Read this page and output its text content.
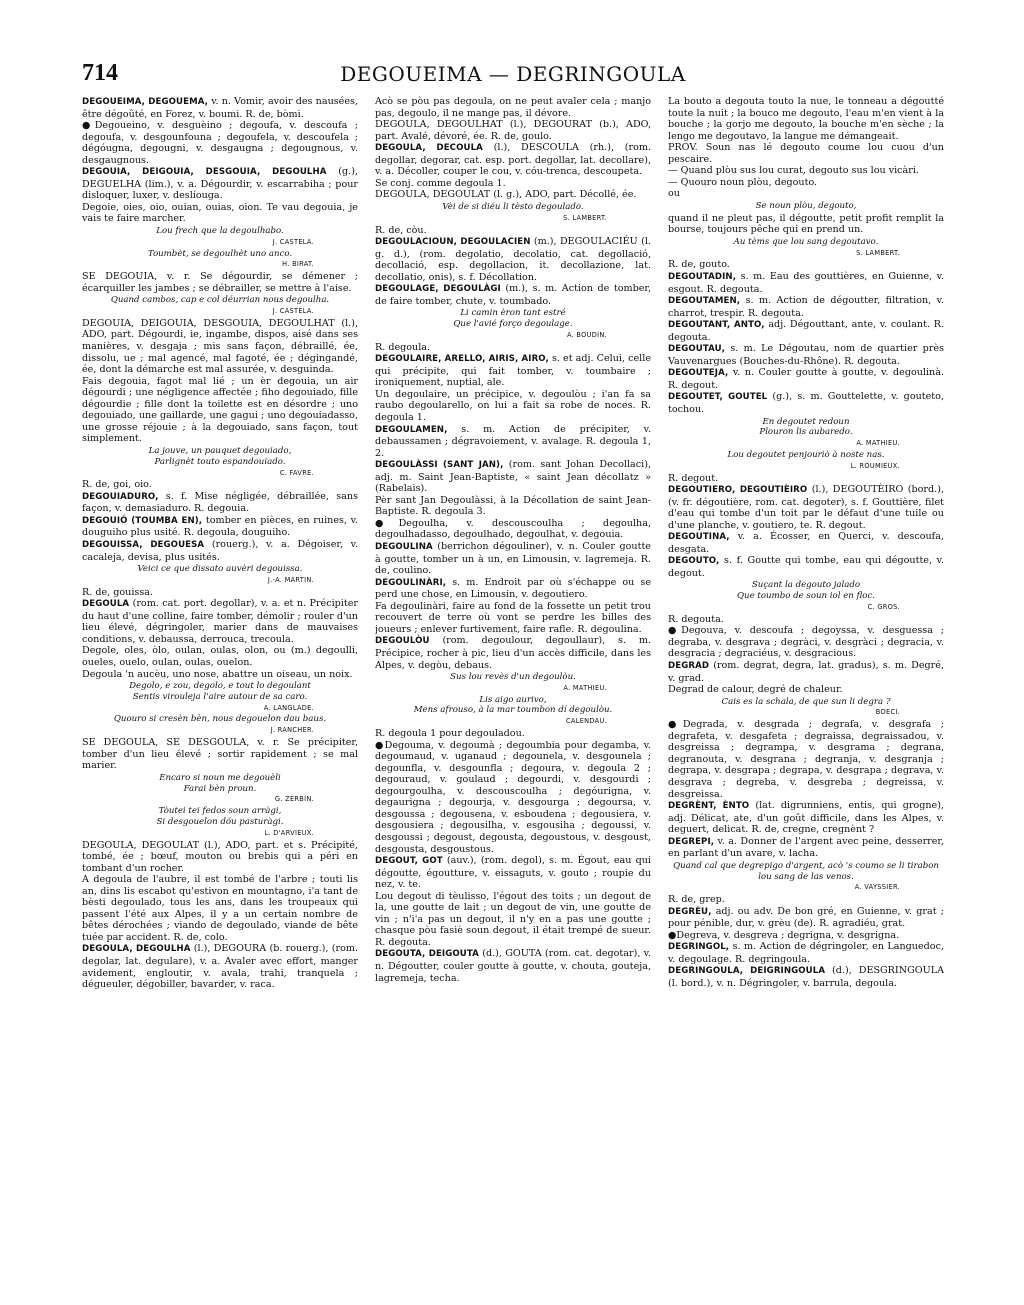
714	DEGOUEIMA — DEGRINGOULA

DEGOUEIMA, DEGOUEMA, v. n. Vomir, avoir des nausées, être dégoûté, en Forez, v. boumi. R. de, bòmi.

●Degoueino, v. desguèino ; degoufa, v. descoufa ; degoufa, v. desgounfouna ; degoufela, v. descoufela ; dégóugna, degougni, v. desgaugna ; degougnous, v. desgaugnous.

DEGOUIA, DEIGOUIA, DESGOUIA, DEGOULHA (g.), DEGUELHA (lim.), v. a. Dégourdir, v. escarrabiha ; pour disloquer, luxer, v. deslíouga.

Degoie, oies, oio, ouian, ouias, oion. Te vau degouia, je vais te faire marcher.

Lou frech que la degoulhabo.
J. CASTELA.
Toumbèt, se degoulhèt uno anco.
H. BIRAT.

SE DEGOUIA, v. r. Se dégourdir, se démener ; écarquiller les jambes ; se débrailler, se mettre à l'aise.

Quand cambos, cap e col déurrian nous degoulha.
J. CASTELA.

DEGOUIA, DEIGOUIA, DESGOUIA, DEGOULHAT (l.), ADO, part. Dégourdi, ie, ingambe, dispos, aisé dans ses manières, v. desgaja ; mis sans façon, débraillé, ée, dissolu, ue ; mal agencé, mal fagoté, ée ; dégingandé, ée, dont la démarche est mal assurée, v. desguinda.

Fais degouia, fagot mal lié ; un èr degouia, un air dégourdi ; une négligence affectée ; fiho degouiado, fille dégourdie ; fille dont la toilette est en désordre ; uno degouiado, une gaillarde, une gagui ; uno degouiadasso, une grosse réjouie ; à la degouiado, sans façon, tout simplement.

La jouve, un pauquet degouiado,
Parlignèt touto espandouiado.
C. FAVRE.

R. de, goi, oio.

DEGOUIADURO, s. f. Mise négligée, débraillée, sans façon, v. demasiaduro. R. degouia.

DEGOUIÓ (TOUMBA EN), tomber en pièces, en ruines, v. douguiho plus usité. R. degoula, douguiho.

DEGOUISSA, DEGOUESA (rouerg.), v. a. Dégoiser, v. cacaleja, devisa, plus usités.

Veici ce que dissato auvèri degouissa.
J.-A. MARTIN.

R. de, gouissa.

DEGOULA (rom. cat. port. degollar), v. a. et n. Précipiter du haut d'une colline, faire tomber, démolir ; rouler d'un lieu élevé, dégringoler, marier dans de mauvaises conditions, v. debaussa, derrouca, trecoula.

Degole, oles, òlo, oulan, oulas, olon, ou (m.) degoulli, oueles, ouelo, oulan, oulas, ouelon.

Degoula 'n aucèu, uno nose, abattre un oiseau, un noix.

Degolo, e zou, degolo, e tout lo degoulant
Sentis virouleja l'aire autour de sa caro.
A. LANGLADE.
Quouro si cresèn bèn, nous degouelon dau baus.
J. RANCHER.

SE DEGOULA, SE DESGOULA, v. r. Se précipiter, tomber d'un lieu élevé ; sortir rapidement ; se mal marier.

Encaro si noun me degouèli
Farai bèn proun.
G. ZERBIN.
Tòutei tei fedos soun arràgi,
Si desgouelon dóu pasturàgi.
L. D'ARVIEUX.

DEGOULA, DEGOULAT (l.), ADO, part. et s. Précipité, tombé, ée ; bœuf, mouton ou brebis qui a péri en tombant d'un rocher.

A degoula de l'aubre, il est tombé de l'arbre ; touti lis an, dins lis escabot qu'estivon en mountagno, i'a tant de bèsti degoulado, tous les ans, dans les troupeaux qui passent l'été aux Alpes, il y a un certain nombre de bêtes dérochées ; viando de degoulado, viande de bête tuée par accident. R. de, colo.

DEGOULA, DEGOULHA (l.), DEGOURA (b. rouerg.), (rom. degolar, lat. degulare), v. a. Avaler avec effort, manger avidement, engloutir, v. avala, trahi, tranquela ; dégueuler, dégobiller, bavarder, v. raca.

Acò se pòu pas degoula, on ne peut avaler cela ; manjo pas, degoulo, il ne mange pas, il dévore.

DEGOULA, DEGOULHAT (l.), DEGOURAT (b.), ADO, part. Avalé, dévoré, ée. R. de, goulo.

DEGOULA, DECOULA (l.), DESCOULA (rh.), (rom. degollar, degorar, cat. esp. port. degollar, lat. decollare), v. a. Décoller, couper le cou, v. cóu-trenca, descoupeta.

Se conj. comme degoula 1.

DEGOULA, DEGOULAT (l. g.), ADO, part. Décollé, ée.

Vèi de si diéu li tèsto degoulado.
S. LAMBERT.

R. de, còu.

DEGOULACIOUN, DEGOULACIEN (m.), DEGOULACIÉU (l. g. d.), (rom. degolatio, decolatio, cat. degollació, decollació, esp. degollacion, it. decollazione, lat. decollatio, onis), s. f. Décollation.

DEGOULAGE, DEGOULÀGI (m.), s. m. Action de tomber, de faire tomber, chute, v. toumbado.

Li camin èron tant estré
Que l'avié forço degoulage.
A. BOUDIN.

R. degoula.

DEGOULAIRE, ARELLO, AIRIS, AIRO, s. et adj. Celui, celle qui précipite, qui fait tomber, v. toumbaire ; ironiquement, nuptial, ale.

Un degoulaire, un précipice, v. degoulòu ; i'an fa sa raubo degoularello, on lui a fait sa robe de noces. R. degoula 1.

DEGOULAMEN, s. m. Action de précipiter, v. debaussamen ; dégravoiement, v. avalage. R. degoula 1, 2.

DEGOULÀSSI (SANT JAN), (rom. sant Johan Decollaci), adj. m. Saint Jean-Baptiste, « saint Jean décollatz » (Rabelais).

Pèr sant Jan Degoulàssi, à la Décollation de saint Jean-Baptiste. R. degoula 3.

●Degoulha, v. descouscoulha ; degoulha, degoulhadasso, degoulhado, degoulhat, v. degouia.

DEGOULINA (berrichon dégouliner), v. n. Couler goutte à goutte, tomber un à un, en Limousin, v. lagremeja. R. de, coulino.

DEGOULINÀRI, s. m. Endroit par où s'échappe ou se perd une chose, en Limousin, v. degoutiero.

Fa degoulinàri, faire au fond de la fossette un petit trou recouvert de terre où vont se perdre les billes des joueurs ; enlever furtivement, faire rafle. R. degoulina.

DEGOULÒU (rom. degoulour, degoullaur), s. m. Précipice, rocher à pic, lieu d'un accès difficile, dans les Alpes, v. degòu, debaus.

Sus lou revès d'un degoulòu.
A. MATHIEU.
Lis aigo aurivo,
Mens afrouso, à la mar toumbon dí degoulòu.
CALENDAU.

R. degoula 1 pour degouladou.

●Degouma, v. degoumà ; degoumbia pour degamba, v. degoumaud, v. uganaud ; degounela, v. desgounela ; degounfla, v. desgounfla ; degoura, v. degoula 2 ; degouraud, v. goulaud ; degourdi, v. desgourdi ; degourgoulha, v. descouscoulha ; degóurigna, v. degaurigna ; degourja, v. desgourga ; degoursa, v. desgoussa ; degousena, v. esboudena ; degousiera, v. desgousiera ; degousilha, v. esgousiha ; degoussi, v. desgoussi ; degoust, degousta, degoustous, v. desgoust, desgousta, desgoustous.

DEGOUT, GOT (auv.), (rom. degol), s. m. Égout, eau qui dégoutte, égoutture, v. eissaguts, v. gouto ; roupie du nez, v. te.

Lou degout di tèulisso, l'égout des toits ; un degout de la, une goutte de lait ; un degout de vin, une goutte de vin ; n'i'a pas un degout, il n'y en a pas une goutte ; chasque pòu fasiè soun degout, il était trempé de sueur. R. degouta.

DEGOUTA, DEIGOUTA (d.), GOUTA (rom. cat. degotar), v. n. Dégoutter, couler goutte à goutte, v. chouta, gouteja, lagremeja, techa.

La bouto a degouta touto la nue, le tonneau a dégoutté toute la nuit ; la bouco me degouto, l'eau m'en vient à la bouche ; la gorjo me degouto, la bouche m'en sèche ; la lengo me degoutavo, la langue me démangeait.

PROV. Soun nas lé degouto coume lou cuou d'un pescaire.

— Quand plòu sus lou curat, degouto sus lou vicàri.

— Quouro noun plòu, degouto.

ou

Se noun plòu, degouto,

quand il ne pleut pas, il dégoutte, petit profit remplit la bourse, toujours pêche qui en prend un.

Au tèms que lou sang degoutavo.
S. LAMBERT.

R. de, gouto.

DEGOUTADIN, s. m. Eau des gouttières, en Guienne, v. esgout. R. degouta.

DEGOUTAMEN, s. m. Action de dégoutter, filtration, v. charrot, trespir. R. degouta.

DEGOUTANT, ANTO, adj. Dégouttant, ante, v. coulant. R. degouta.

DEGOUTAU, s. m. Le Dégoutau, nom de quartier près Vauvenargues (Bouches-du-Rhône). R. degouta.

DEGOUTEJA, v. n. Couler goutte à goutte, v. degoulinà. R. degout.

DEGOUTET, GOUTEL (g.), s. m. Gouttelette, v. gouteto, tochou.

En degoutet redoun
Plouron lis aubaredo.
A. MATHIEU.
Lou degoutet penjouriò à noste nas.
L. ROUMIEUX.

R. degout.

DEGOUTIERO, DEGOUTIÈIRO (l.), DEGOUTÈIRO (bord.), (v. fr. dégoutière, rom. cat. degoter), s. f. Gouttière, filet d'eau qui tombe d'un toit par le défaut d'une tuile ou d'une planche, v. goutiero, te. R. degout.

DEGOUTINA, v. a. Écosser, en Querci, v. descoufa, desgata.

DEGOUTO, s. f. Goutte qui tombe, eau qui dégoutte, v. degout.

Suçant la degouto jalado
Que toumbo de soun iol en floc.
C. GROS.

R. degouta.

●Degouva, v. descoufa ; degoyssa, v. desguessa ; degraba, v. desgrava ; degràci, v. desgràci ; degracia, v. desgracia ; degraciéus, v. desgracious.

DEGRAD (rom. degrat, degra, lat. gradus), s. m. Degré, v. grad.

Degrad de calour, degré de chaleur.

Cais es la schala, de que sun li degra ?
BOECI.

●Degrada, v. desgrada ; degrafa, v. desgrafa ; degrafeta, v. desgafeta ; degraissa, degraissadou, v. desgreissa ; degrampa, v. desgrama ; degrana, degranouta, v. desgrana ; degranja, v. desgranja ; degrapa, v. desgrapa ; degrapa, v. desgrapa ; degrava, v. desgrava ; degreba, v. desgreba ; degreissa, v. desgreissa.

DEGRÈNT, ÈNTO (lat. digrunniens, entis, qui grogne), adj. Délicat, ate, d'un goût difficile, dans les Alpes, v. deguert, delicat. R. de, cregne, cregnènt ?

DEGREPI, v. a. Donner de l'argent avec peine, desserrer, en parlant d'un avare, v. lacha.

Quand cal que degrepigo d'argent, acò 's coumo se li tirabon lou sang de las venos.
A. VAYSSIER.

R. de, grep.

DEGRÈU, adj. ou adv. De bon gré, en Guienne, v. grat ; pour pénible, dur, v. grèu (de). R. agradiéu, grat.

●Degreva, v. desgreva ; degrigna, v. desgrigna.

DEGRINGOL, s. m. Action de dégringoler, en Languedoc, v. degoulage. R. degringoula.

DEGRINGOULA, DEIGRINGOULA (d.), DESGRINGOULA (l. bord.), v. n. Dégringoler, v. barrula, degoula.
